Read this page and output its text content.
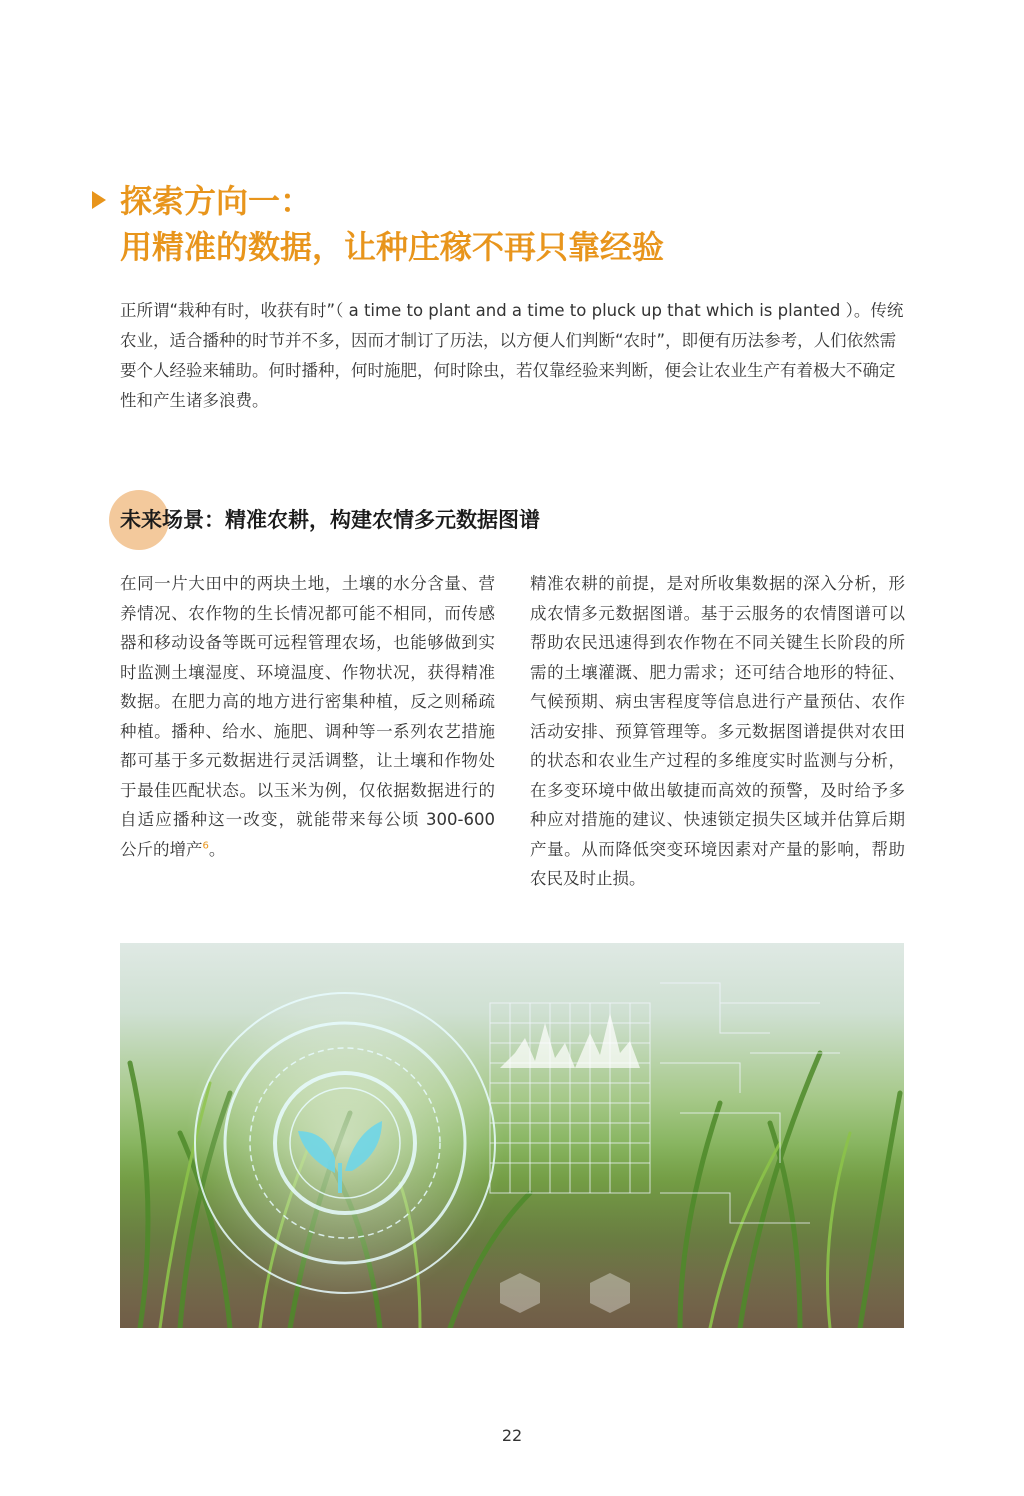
探索方向一：
用精准的数据，让种庄稼不再只靠经验

正所谓“栽种有时，收获有时”（ a time to plant and a time to pluck up that which is planted ）。传统农业，适合播种的时节并不多，因而才制订了历法，以方便人们判断“农时”，即便有历法参考，人们依然需要个人经验来辅助。何时播种，何时施肥，何时除虫，若仅靠经验来判断，便会让农业生产有着极大不确定性和产生诸多浪费。

未来场景：精准农耕，构建农情多元数据图谱

在同一片大田中的两块土地，土壤的水分含量、营养情况、农作物的生长情况都可能不相同，而传感器和移动设备等既可远程管理农场，也能够做到实时监测土壤湿度、环境温度、作物状况，获得精准数据。在肥力高的地方进行密集种植，反之则稀疏种植。播种、给水、施肥、调种等一系列农艺措施都可基于多元数据进行灵活调整，让土壤和作物处于最佳匹配状态。以玉米为例，仅依据数据进行的自适应播种这一改变，就能带来每公顷 300-600 公斤的增产$^6$。

精准农耕的前提，是对所收集数据的深入分析，形成农情多元数据图谱。基于云服务的农情图谱可以帮助农民迅速得到农作物在不同关键生长阶段的所需的土壤灌溉、肥力需求；还可结合地形的特征、气候预期、病虫害程度等信息进行产量预估、农作活动安排、预算管理等。多元数据图谱提供对农田的状态和农业生产过程的多维度实时监测与分析，在多变环境中做出敏捷而高效的预警，及时给予多种应对措施的建议、快速锁定损失区域并估算后期产量。从而降低突变环境因素对产量的影响，帮助农民及时止损。

22
